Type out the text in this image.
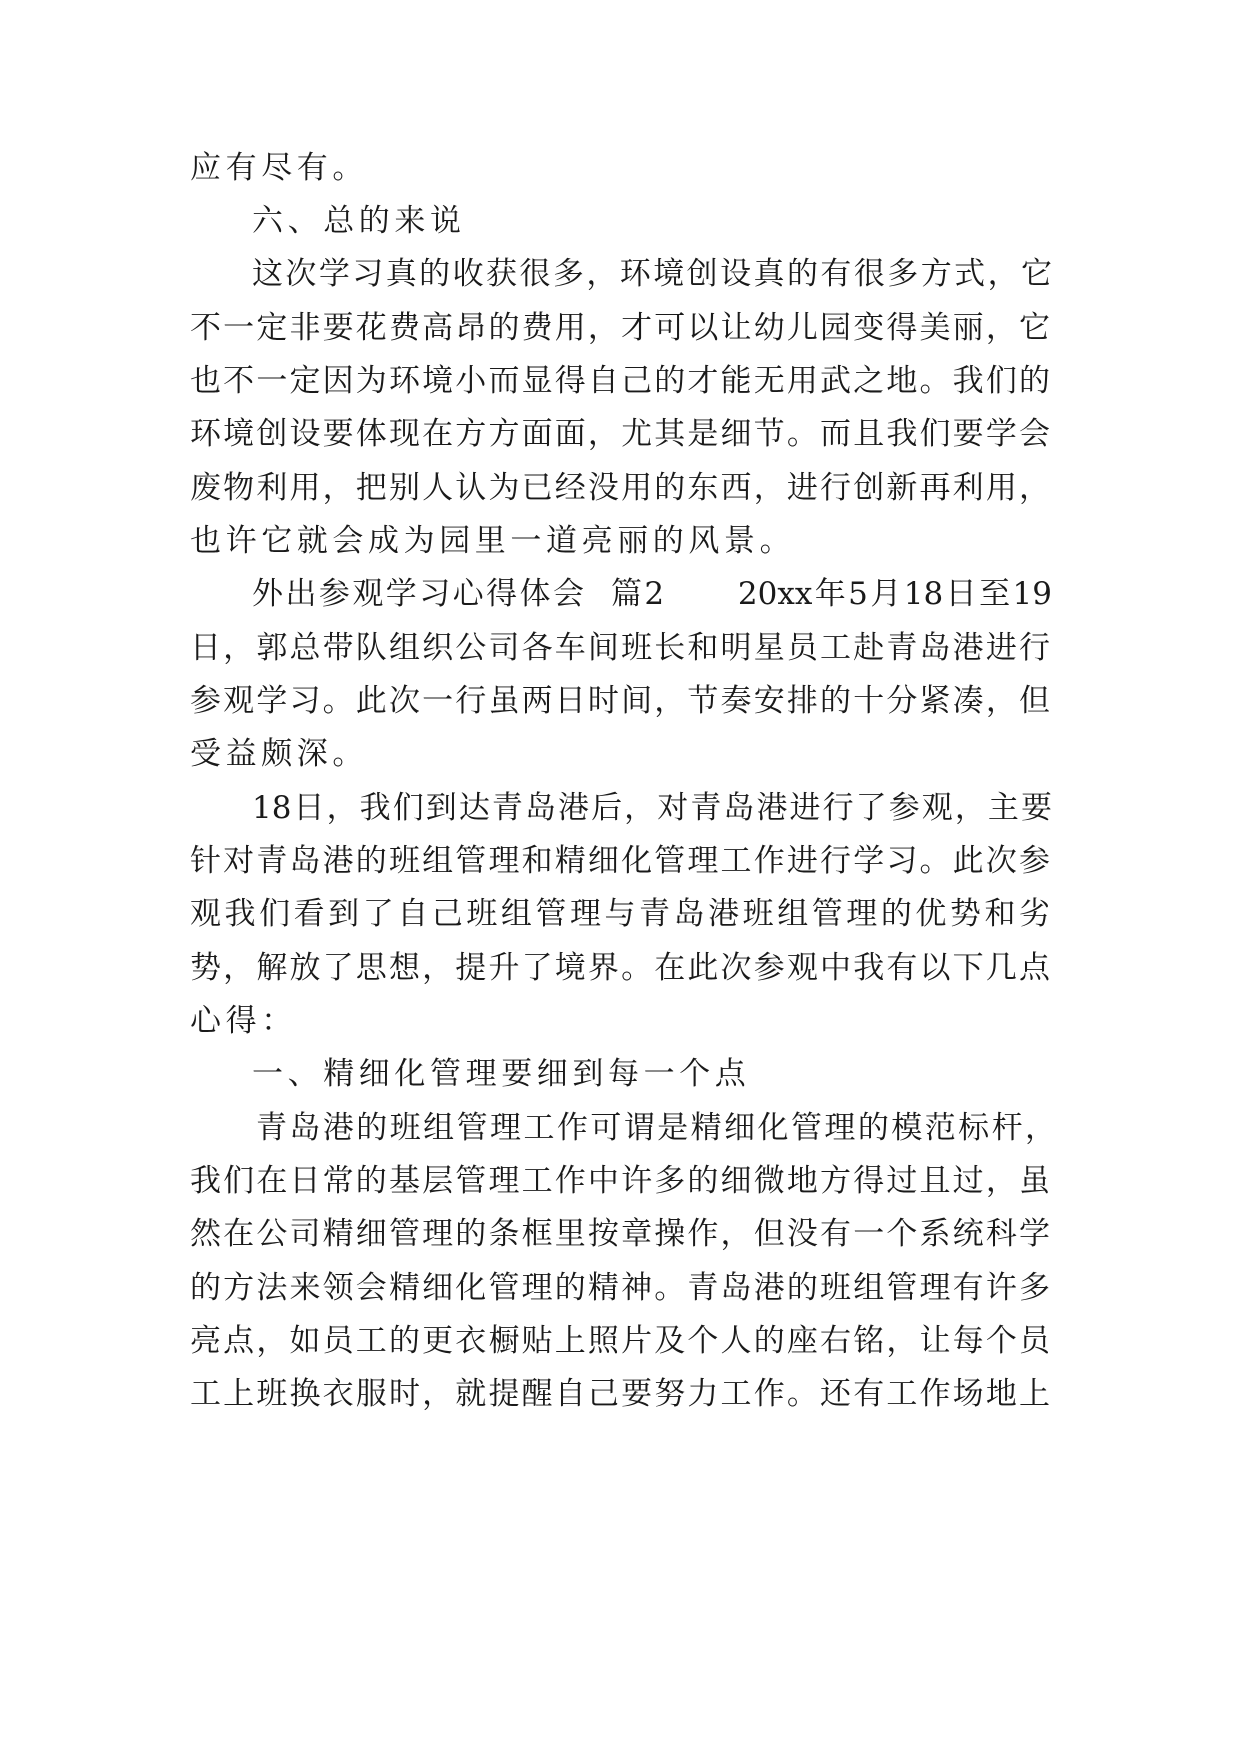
应有尽有。
六、总的来说
这次学习真的收获很多，环境创设真的有很多方式，它
不一定非要花费高昂的费用，才可以让幼儿园变得美丽，它
也不一定因为环境小而显得自己的才能无用武之地。我们的
环境创设要体现在方方面面，尤其是细节。而且我们要学会
废物利用，把别人认为已经没用的东西，进行创新再利用，
也许它就会成为园里一道亮丽的风景。
外出参观学习心得体会  篇2      20xx年5月18日至19
日，郭总带队组织公司各车间班长和明星员工赴青岛港进行
参观学习。此次一行虽两日时间，节奏安排的十分紧凑，但
受益颇深。
18日，我们到达青岛港后，对青岛港进行了参观，主要
针对青岛港的班组管理和精细化管理工作进行学习。此次参
观我们看到了自己班组管理与青岛港班组管理的优势和劣
势，解放了思想，提升了境界。在此次参观中我有以下几点
心得：
一、精细化管理要细到每一个点
青岛港的班组管理工作可谓是精细化管理的模范标杆，
我们在日常的基层管理工作中许多的细微地方得过且过，虽
然在公司精细管理的条框里按章操作，但没有一个系统科学
的方法来领会精细化管理的精神。青岛港的班组管理有许多
亮点，如员工的更衣橱贴上照片及个人的座右铭，让每个员
工上班换衣服时，就提醒自己要努力工作。还有工作场地上
